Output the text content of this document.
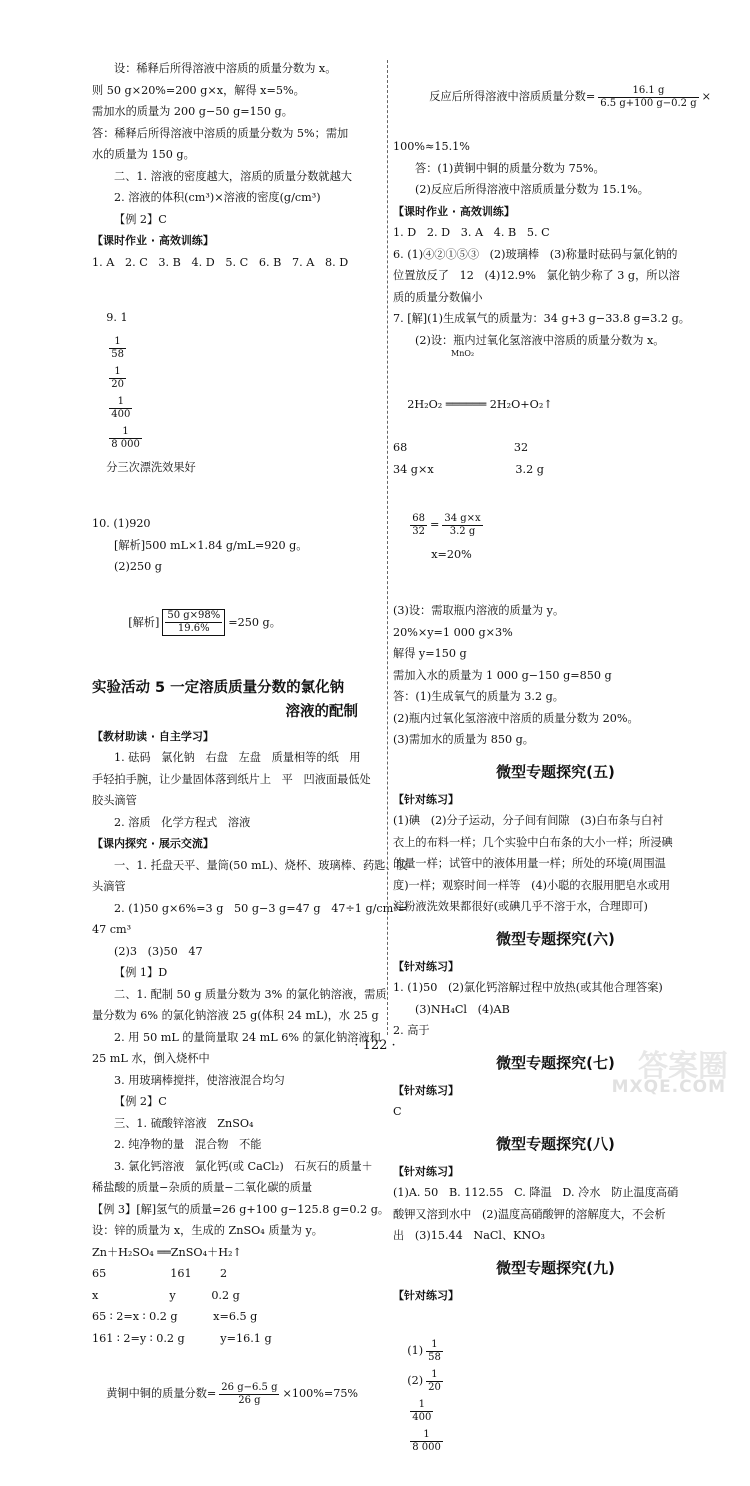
设：稀释后所得溶液中溶质的质量分数为 x。

则 50 g×20%=200 g×x，解得 x=5%。

需加水的质量为 200 g−50 g=150 g。

答：稀释后所得溶液中溶质的质量分数为 5%；需加

水的质量为 150 g。

二、1. 溶液的密度越大，溶质的质量分数就越大

2. 溶液的体积(cm³)×溶液的密度(g/cm³)

【例 2】C

【课时作业 · 高效训练】

1. A   2. C   3. B   4. D   5. C   6. B   7. A   8. D

9. 1

$\frac{1}{58}$

$\frac{1}{20}$

$\frac{1}{400}$

$\frac{1}{8 000}$

分三次漂洗效果好

10. (1)920

[解析]500 mL×1.84 g/mL=920 g。

(2)250 g

[解析] $\frac{50 g\times 98\%}{19.6\%} =250$ g。

实验活动 5 一定溶质质量分数的氯化钠
溶液的配制

【教材助读 · 自主学习】

1. 砝码   氯化钠   右盘   左盘   质量相等的纸   用

手轻拍手腕，让少量固体落到纸片上   平   凹液面最低处

胶头滴管

2. 溶质   化学方程式   溶液

【课内探究 · 展示交流】

一、1. 托盘天平、量筒(50 mL)、烧杯、玻璃棒、药匙、胶

头滴管

2. (1)50 g×6%=3 g   50 g−3 g=47 g   47÷1 g/cm³=

47 cm³

(2)3   (3)50   47

【例 1】D

二、1. 配制 50 g 质量分数为 3% 的氯化钠溶液，需质

量分数为 6% 的氯化钠溶液 25 g(体积 24 mL)，水 25 g

2. 用 50 mL 的量筒量取 24 mL 6% 的氯化钠溶液和

25 mL 水，倒入烧杯中

3. 用玻璃棒搅拌，使溶液混合均匀

【例 2】C

三、1. 硫酸锌溶液   ZnSO₄

2. 纯净物的量   混合物   不能

3. 氯化钙溶液   氯化钙(或 CaCl₂)   石灰石的质量＋

稀盐酸的质量−杂质的质量−二氧化碳的质量

【例 3】[解]氢气的质量=26 g+100 g−125.8 g=0.2 g。

设：锌的质量为 x，生成的 ZnSO₄ 质量为 y。

Zn＋H₂SO₄ ══ZnSO₄＋H₂↑

65                  161        2

x                    y          0.2 g

65 ∶ 2=x ∶ 0.2 g          x=6.5 g

161 ∶ 2=y ∶ 0.2 g          y=16.1 g

黄铜中铜的质量分数= $\frac{26 g-6.5 g}{26 g} \times 100\%=75\%$

反应后所得溶液中溶质质量分数= $\frac{16.1 g}{6.5 g+100 g-0.2 g}$ ×

100%≈15.1%

答：(1)黄铜中铜的质量分数为 75%。

(2)反应后所得溶液中溶质质量分数为 15.1%。

【课时作业 · 高效训练】

1. D   2. D   3. A   4. B   5. C

6. (1)④②①⑤③   (2)玻璃棒   (3)称量时砝码与氯化钠的

位置放反了   12   (4)12.9%   氯化钠少称了 3 g，所以溶

质的质量分数偏小

7. [解](1)生成氧气的质量为：34 g+3 g−33.8 g=3.2 g。

(2)设：瓶内过氧化氢溶液中溶质的质量分数为 x。

MnO₂

2H₂O₂ ══════ 2H₂O+O₂↑

68                              32

34 g×x                       3.2 g

$\frac{68}{32} = \frac{34 g\times x}{3.2 g}$

x=20%

(3)设：需取瓶内溶液的质量为 y。

20%×y=1 000 g×3%

解得 y=150 g

需加入水的质量为 1 000 g−150 g=850 g

答：(1)生成氧气的质量为 3.2 g。

(2)瓶内过氧化氢溶液中溶质的质量分数为 20%。

(3)需加水的质量为 850 g。

微型专题探究(五)

【针对练习】

(1)碘   (2)分子运动，分子间有间隙   (3)白布条与白衬

衣上的布料一样；几个实验中白布条的大小一样；所浸碘

的量一样；试管中的液体用量一样；所处的环境(周围温

度)一样；观察时间一样等   (4)小聪的衣服用肥皂水或用

淀粉液洗效果都很好(或碘几乎不溶于水，合理即可)

微型专题探究(六)

【针对练习】

1. (1)50   (2)氯化钙溶解过程中放热(或其他合理答案)

(3)NH₄Cl   (4)AB

2. 高于

微型专题探究(七)

【针对练习】

C

微型专题探究(八)

【针对练习】

(1)A. 50   B. 112.55   C. 降温   D. 冷水   防止温度高硝

酸钾又溶到水中   (2)温度高硝酸钾的溶解度大，不会析

出   (3)15.44   NaCl、KNO₃

微型专题探究(九)

【针对练习】

$(1) \frac{1}{58}$

$(2) \frac{1}{20}$

$\frac{1}{400}$

$\frac{1}{8 000}$

· 122 ·
答案圈
MXQE.COM
